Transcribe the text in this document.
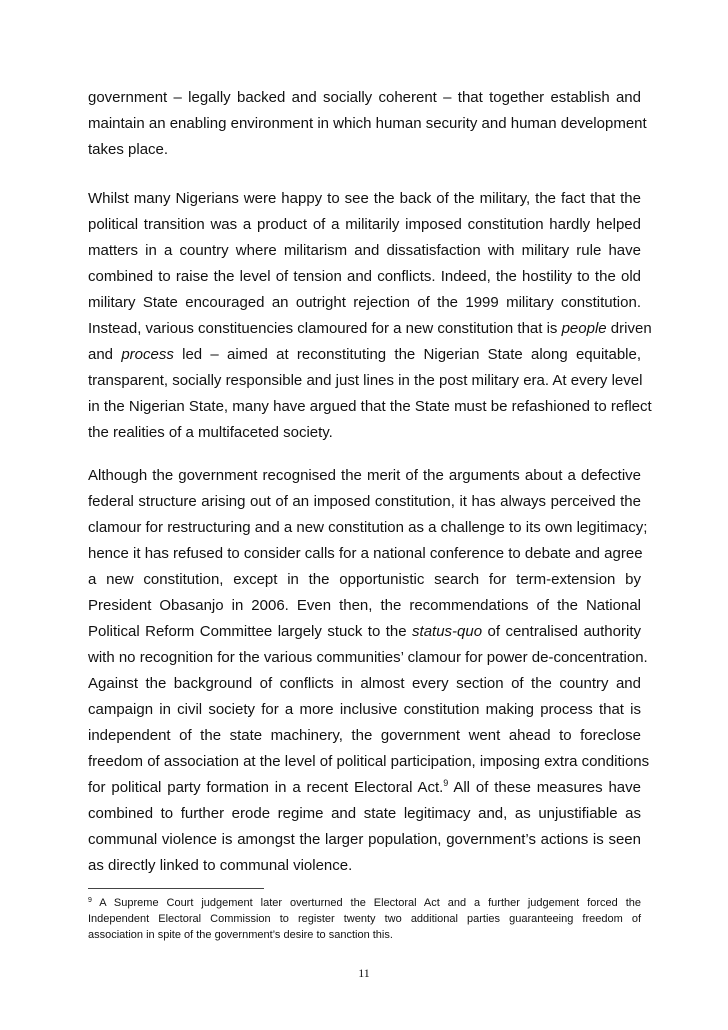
government – legally backed and socially coherent – that together establish and
maintain an enabling environment in which human security and human development
takes place.
Whilst many Nigerians were happy to see the back of the military, the fact that the
political transition was a product of a militarily imposed constitution hardly helped
matters in a country where militarism and dissatisfaction with military rule have
combined to raise the level of tension and conflicts. Indeed, the hostility to the old
military State encouraged an outright rejection of the 1999 military constitution.
Instead, various constituencies clamoured for a new constitution that is people driven
and process led – aimed at reconstituting the Nigerian State along equitable,
transparent, socially responsible and just lines in the post military era. At every level
in the Nigerian State, many have argued that the State must be refashioned to reflect
the realities of a multifaceted society.
Although the government recognised the merit of the arguments about a defective
federal structure arising out of an imposed constitution, it has always perceived the
clamour for restructuring and a new constitution as a challenge to its own legitimacy;
hence it has refused to consider calls for a national conference to debate and agree
a new constitution, except in the opportunistic search for term-extension by
President Obasanjo in 2006. Even then, the recommendations of the National
Political Reform Committee largely stuck to the status-quo of centralised authority
with no recognition for the various communities’ clamour for power de-concentration.
Against the background of conflicts in almost every section of the country and
campaign in civil society for a more inclusive constitution making process that is
independent of the state machinery, the government went ahead to foreclose
freedom of association at the level of political participation, imposing extra conditions
for political party formation in a recent Electoral Act.$^9$ All of these measures have
combined to further erode regime and state legitimacy and, as unjustifiable as
communal violence is amongst the larger population, government’s actions is seen
as directly linked to communal violence.
$^9$ A Supreme Court judgement later overturned the Electoral Act and a further judgement forced the
Independent Electoral Commission to register twenty two additional parties guaranteeing freedom of
association in spite of the government’s desire to sanction this.
11
